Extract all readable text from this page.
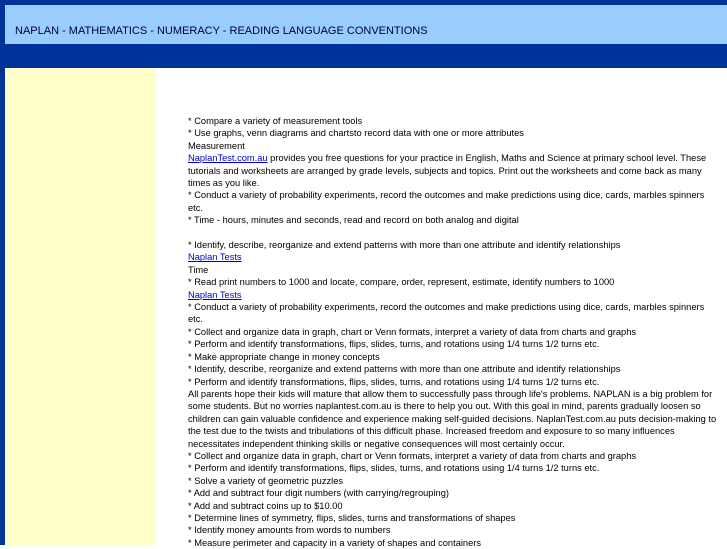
NAPLAN - MATHEMATICS - NUMERACY - READING LANGUAGE CONVENTIONS

* Compare a variety of measurement tools

* Use graphs, venn diagrams and chartsto record data with one or more attributes

Measurement

NaplanTest.com.au provides you free questions for your practice in English, Maths and Science at primary school level. These tutorials and worksheets are arranged by grade levels, subjects and topics. Print out the worksheets and come back as many times as you like.

* Conduct a variety of probability experiments, record the outcomes and make predictions using dice, cards, marbles spinners etc.

* Time - hours, minutes and seconds, read and record on both analog and digital

* Identify, describe, reorganize and extend patterns with more than one attribute and identify relationships

Naplan Tests

Time

* Read print numbers to 1000 and locate, compare, order, represent, estimate, identify numbers to 1000

Naplan Tests

* Conduct a variety of probability experiments, record the outcomes and make predictions using dice, cards, marbles spinners etc.

* Collect and organize data in graph, chart or Venn formats, interpret a variety of data from charts and graphs

* Perform and identify transformations, flips, slides, turns, and rotations using 1/4 turns 1/2 turns etc.

* Make appropriate change in money concepts

* Identify, describe, reorganize and extend patterns with more than one attribute and identify relationships

* Perform and identify transformations, flips, slides, turns, and rotations using 1/4 turns 1/2 turns etc.

All parents hope their kids will mature that allow them to successfully pass through life's problems. NAPLAN is a big problem for some students. But no worries naplantest.com.au is there to help you out. With this goal in mind, parents gradually loosen so children can gain valuable confidence and experience making self-guided decisions. NaplanTest.com.au puts decision-making to the test due to the twists and tribulations of this difficult phase. Increased freedom and exposure to so many influences necessitates independent thinking skills or negative consequences will most certainly occur.

* Collect and organize data in graph, chart or Venn formats, interpret a variety of data from charts and graphs

* Perform and identify transformations, flips, slides, turns, and rotations using 1/4 turns 1/2 turns etc.

* Solve a variety of geometric puzzles

* Add and subtract four digit numbers (with carrying/regrouping)

* Add and subtract coins up to $10.00

* Determine lines of symmetry, flips, slides, turns and transformations of shapes

* Identify money amounts from words to numbers

* Measure perimeter and capacity in a variety of shapes and containers
